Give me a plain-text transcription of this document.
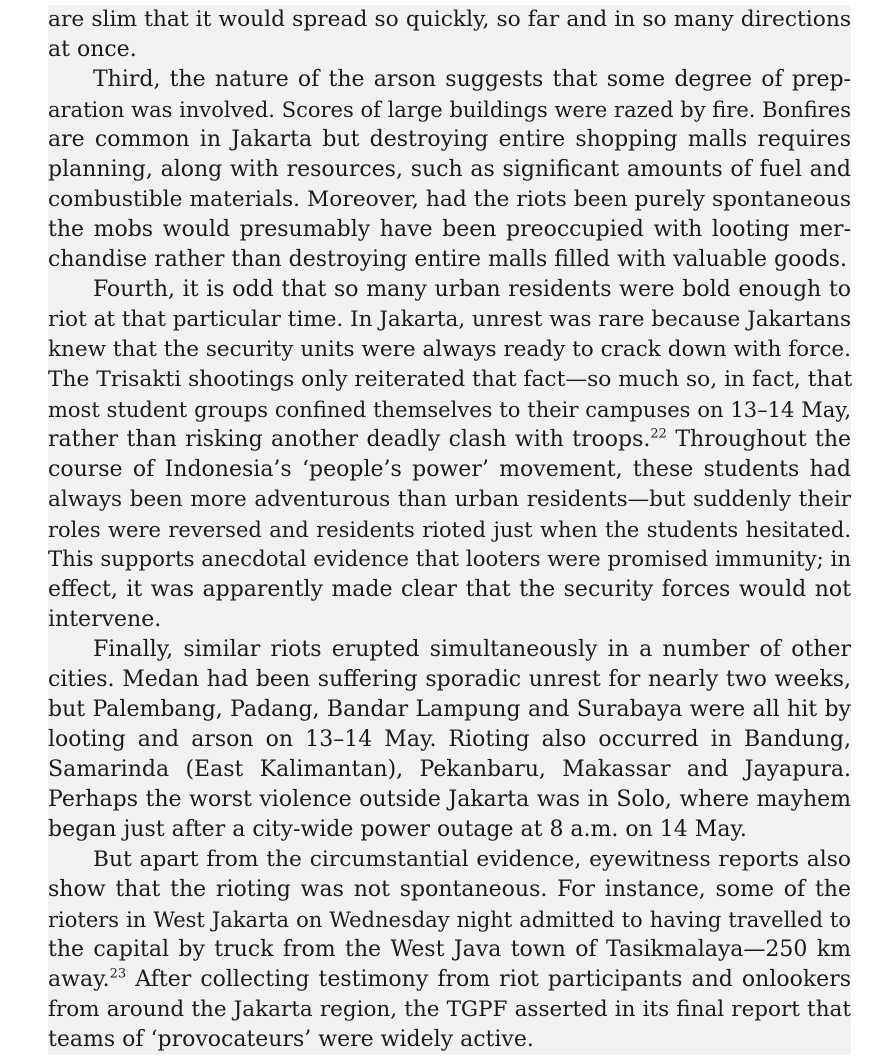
are slim that it would spread so quickly, so far and in so many directions
at once.
Third, the nature of the arson suggests that some degree of prep-
aration was involved. Scores of large buildings were razed by fire. Bonfires
are common in Jakarta but destroying entire shopping malls requires
planning, along with resources, such as significant amounts of fuel and
combustible materials. Moreover, had the riots been purely spontaneous
the mobs would presumably have been preoccupied with looting mer-
chandise rather than destroying entire malls filled with valuable goods.
Fourth, it is odd that so many urban residents were bold enough to
riot at that particular time. In Jakarta, unrest was rare because Jakartans
knew that the security units were always ready to crack down with force.
The Trisakti shootings only reiterated that fact—so much so, in fact, that
most student groups confined themselves to their campuses on 13–14 May,
rather than risking another deadly clash with troops.$^{22}$ Throughout the
course of Indonesia’s ‘people’s power’ movement, these students had
always been more adventurous than urban residents—but suddenly their
roles were reversed and residents rioted just when the students hesitated.
This supports anecdotal evidence that looters were promised immunity; in
effect, it was apparently made clear that the security forces would not
intervene.
Finally, similar riots erupted simultaneously in a number of other
cities. Medan had been suffering sporadic unrest for nearly two weeks,
but Palembang, Padang, Bandar Lampung and Surabaya were all hit by
looting and arson on 13–14 May. Rioting also occurred in Bandung,
Samarinda (East Kalimantan), Pekanbaru, Makassar and Jayapura.
Perhaps the worst violence outside Jakarta was in Solo, where mayhem
began just after a city-wide power outage at 8 a.m. on 14 May.
But apart from the circumstantial evidence, eyewitness reports also
show that the rioting was not spontaneous. For instance, some of the
rioters in West Jakarta on Wednesday night admitted to having travelled to
the capital by truck from the West Java town of Tasikmalaya—250 km
away.$^{23}$ After collecting testimony from riot participants and onlookers
from around the Jakarta region, the TGPF asserted in its final report that
teams of ‘provocateurs’ were widely active.
